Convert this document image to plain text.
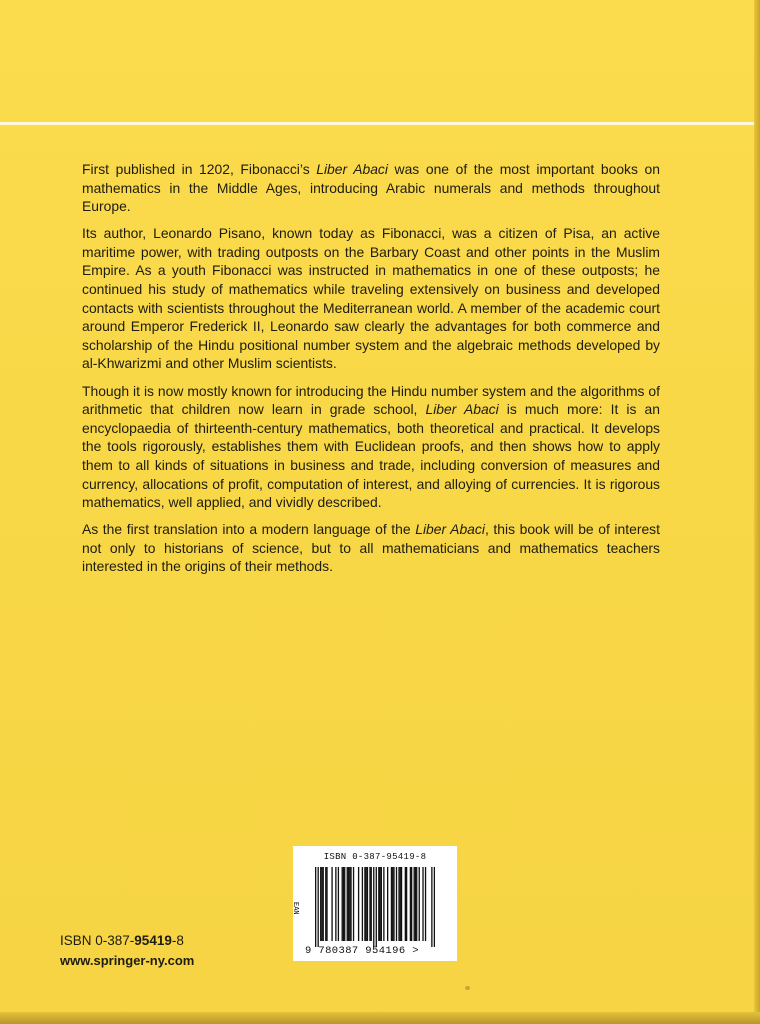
First published in 1202, Fibonacci’s Liber Abaci was one of the most important books on mathematics in the Middle Ages, introducing Arabic numerals and methods throughout Europe.

Its author, Leonardo Pisano, known today as Fibonacci, was a citizen of Pisa, an active maritime power, with trading outposts on the Barbary Coast and other points in the Muslim Empire. As a youth Fibonacci was instructed in mathematics in one of these outposts; he continued his study of mathematics while traveling extensively on business and developed contacts with scientists throughout the Mediterranean world. A member of the academic court around Emperor Frederick II, Leonardo saw clearly the advantages for both commerce and scholarship of the Hindu positional number system and the algebraic methods developed by al-Khwarizmi and other Muslim scientists.

Though it is now mostly known for introducing the Hindu number system and the algorithms of arithmetic that children now learn in grade school, Liber Abaci is much more: It is an encyclopaedia of thirteenth-century mathematics, both theoretical and practical. It develops the tools rigorously, establishes them with Euclidean proofs, and then shows how to apply them to all kinds of situations in business and trade, including conversion of measures and currency, allocations of profit, computation of interest, and alloying of currencies. It is rigorous mathematics, well applied, and vividly described.

As the first translation into a modern language of the Liber Abaci, this book will be of interest not only to historians of science, but to all mathematicians and mathematics teachers interested in the origins of their methods.

ISBN 0-387-95419-8
www.springer-ny.com
ISBN 0-387-95419-8
EAN
9 780387 954196 >
